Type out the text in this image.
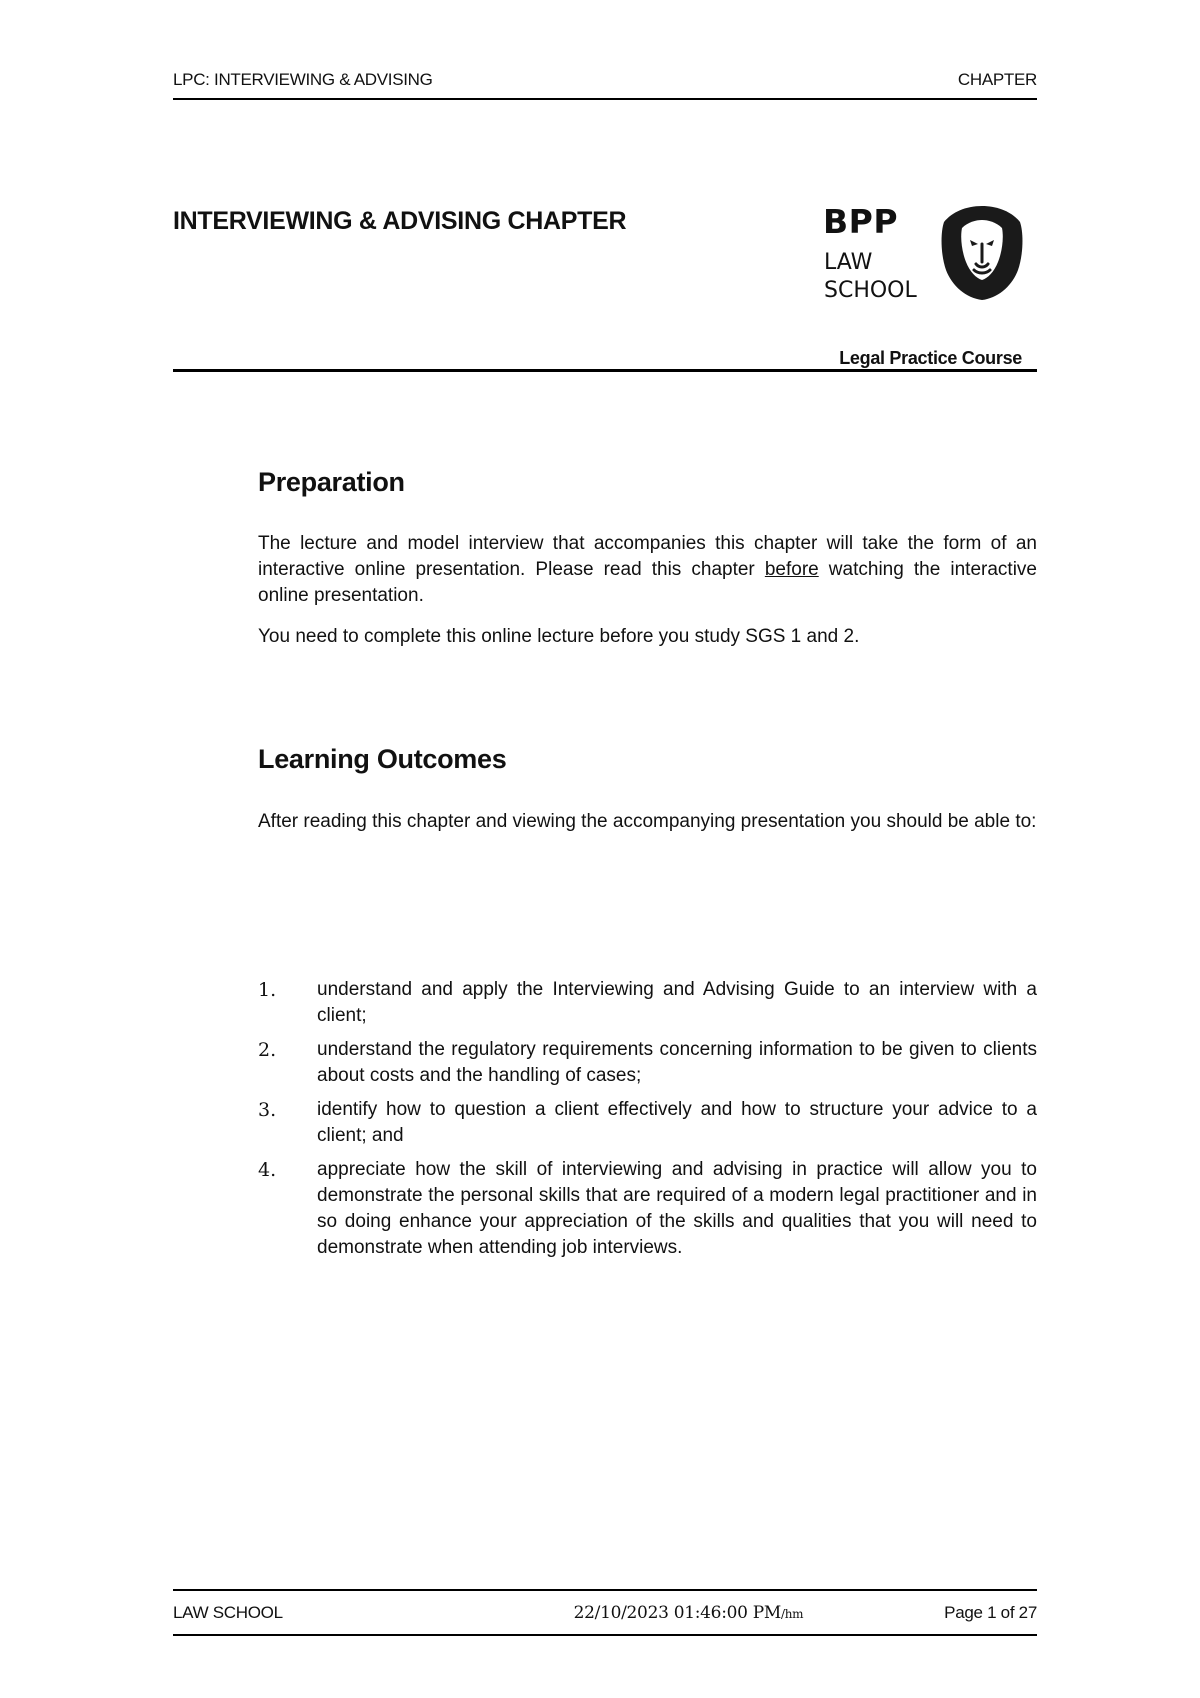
LPC: INTERVIEWING & ADVISING	CHAPTER
INTERVIEWING & ADVISING CHAPTER	BPP
LAW
SCHOOL
Legal Practice Course
Preparation

The lecture and model interview that accompanies this chapter will take the form of an interactive online presentation. Please read this chapter before watching the interactive online presentation.

You need to complete this online lecture before you study SGS 1 and 2.

Learning Outcomes

After reading this chapter and viewing the accompanying presentation you should be able to:

1.	understand and apply the Interviewing and Advising Guide to an interview with a client;
2.	understand the regulatory requirements concerning information to be given to clients about costs and the handling of cases;
3.	identify how to question a client effectively and how to structure your advice to a client; and
4.	appreciate how the skill of interviewing and advising in practice will allow you to demonstrate the personal skills that are required of a modern legal practitioner and in so doing enhance your appreciation of the skills and qualities that you will need to demonstrate when attending job interviews.
LAW SCHOOL	22/10/2023 01:46:00 PM/hm	Page 1 of 27
